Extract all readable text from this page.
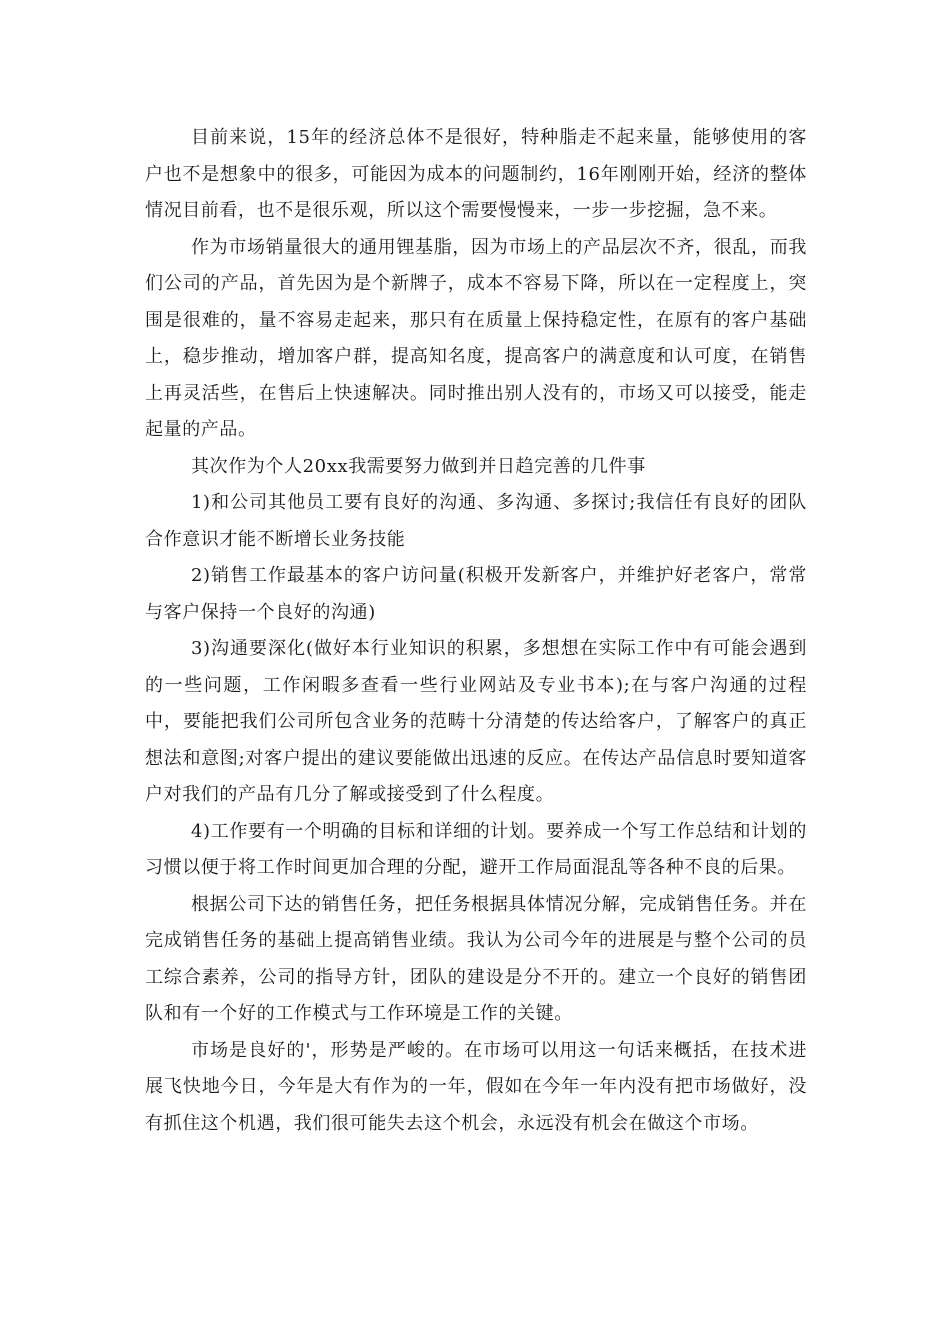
目前来说，15年的经济总体不是很好，特种脂走不起来量，能够使用的客户也不是想象中的很多，可能因为成本的问题制约，16年刚刚开始，经济的整体情况目前看，也不是很乐观，所以这个需要慢慢来，一步一步挖掘，急不来。

作为市场销量很大的通用锂基脂，因为市场上的产品层次不齐，很乱，而我们公司的产品，首先因为是个新牌子，成本不容易下降，所以在一定程度上，突围是很难的，量不容易走起来，那只有在质量上保持稳定性，在原有的客户基础上，稳步推动，增加客户群，提高知名度，提高客户的满意度和认可度，在销售上再灵活些，在售后上快速解决。同时推出别人没有的，市场又可以接受，能走起量的产品。

其次作为个人20xx我需要努力做到并日趋完善的几件事

1)和公司其他员工要有良好的沟通、多沟通、多探讨;我信任有良好的团队合作意识才能不断增长业务技能

2)销售工作最基本的客户访问量(积极开发新客户，并维护好老客户，常常与客户保持一个良好的沟通)

3)沟通要深化(做好本行业知识的积累，多想想在实际工作中有可能会遇到的一些问题，工作闲暇多查看一些行业网站及专业书本);在与客户沟通的过程中，要能把我们公司所包含业务的范畴十分清楚的传达给客户，了解客户的真正想法和意图;对客户提出的建议要能做出迅速的反应。在传达产品信息时要知道客户对我们的产品有几分了解或接受到了什么程度。

4)工作要有一个明确的目标和详细的计划。要养成一个写工作总结和计划的习惯以便于将工作时间更加合理的分配，避开工作局面混乱等各种不良的后果。

根据公司下达的销售任务，把任务根据具体情况分解，完成销售任务。并在完成销售任务的基础上提高销售业绩。我认为公司今年的进展是与整个公司的员工综合素养，公司的指导方针，团队的建设是分不开的。建立一个良好的销售团队和有一个好的工作模式与工作环境是工作的关键。

市场是良好的'，形势是严峻的。在市场可以用这一句话来概括，在技术进展飞快地今日，今年是大有作为的一年，假如在今年一年内没有把市场做好，没有抓住这个机遇，我们很可能失去这个机会，永远没有机会在做这个市场。
